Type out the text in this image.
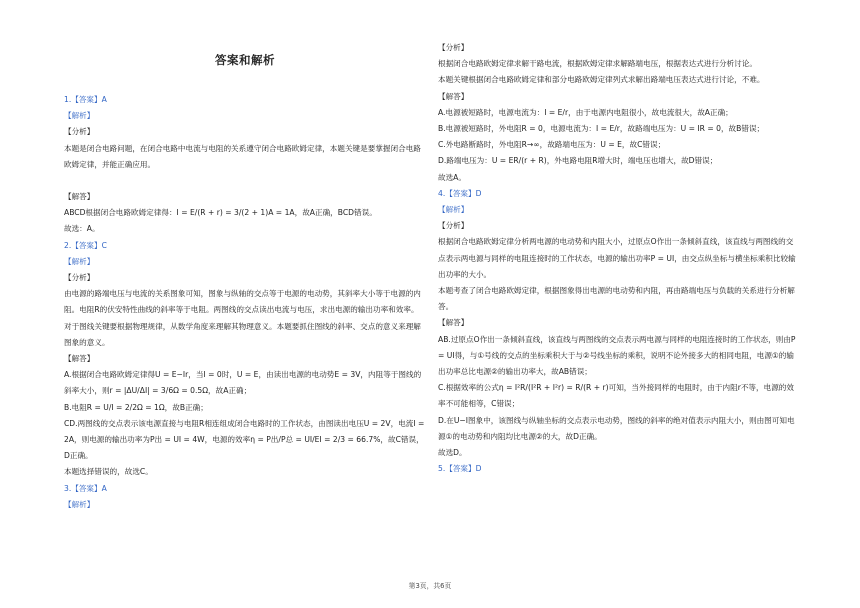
答案和解析

1.【答案】A

【解析】

【分析】

本题是闭合电路问题，在闭合电路中电流与电阻的关系遵守闭合电路欧姆定律，本题关键是要掌握闭合电路欧姆定律，并能正确应用。

【解答】

ABCD根据闭合电路欧姆定律得：I = E/(R + r) = 3/(2 + 1)A = 1A，故A正确，BCD错误。

故选：A。

2.【答案】C

【解析】

【分析】

由电源的路端电压与电流的关系图象可知，图象与纵轴的交点等于电源的电动势，其斜率大小等于电源的内阻。电阻R的伏安特性曲线的斜率等于电阻。两图线的交点读出电流与电压，求出电源的输出功率和效率。对于图线关键要根据物理规律，从数学角度来理解其物理意义。本题要抓住图线的斜率、交点的意义来理解图象的意义。

【解答】

A.根据闭合电路欧姆定律得U = E−Ir，当I = 0时，U = E，由读出电源的电动势E = 3V，内阻等于图线的斜率大小，则r = |ΔU/ΔI| = 3/6Ω = 0.5Ω，故A正确；

B.电阻R = U/I = 2/2Ω = 1Ω，故B正确；

CD.两图线的交点表示该电源直接与电阻R相连组成闭合电路时的工作状态，由图读出电压U = 2V，电流I = 2A，则电源的输出功率为P出 = UI = 4W，电源的效率η = P出/P总 = UI/EI = 2/3 = 66.7%，故C错误，D正确。

本题选择错误的，故选C。

3.【答案】A

【解析】

【分析】

根据闭合电路欧姆定律求解干路电流，根据欧姆定律求解路端电压，根据表达式进行分析讨论。

本题关键根据闭合电路欧姆定律和部分电路欧姆定律列式求解出路端电压表达式进行讨论，不难。

【解答】

A.电源被短路时，电源电流为：I = E/r，由于电源内电阻很小，故电流很大，故A正确；

B.电源被短路时，外电阻R = 0，电源电流为：I = E/r，故路端电压为：U = IR = 0，故B错误；

C.外电路断路时，外电阻R→∞，故路端电压为：U = E，故C错误；

D.路端电压为：U = ER/(r + R)，外电路电阻R增大时，端电压也增大，故D错误；

故选A。

4.【答案】D

【解析】

【分析】

根据闭合电路欧姆定律分析两电源的电动势和内阻大小，过原点O作出一条倾斜直线，该直线与两图线的交点表示两电源与同样的电阻连接时的工作状态，电源的输出功率P = UI，由交点纵坐标与横坐标乘积比较输出功率的大小。

本题考查了闭合电路欧姆定律，根据图象得出电源的电动势和内阻，再由路端电压与负载的关系进行分析解答。

【解答】

AB.过原点O作出一条倾斜直线，该直线与两图线的交点表示两电源与同样的电阻连接时的工作状态，则由P = UI得，与①号线的交点的坐标乘积大于与②号线坐标的乘积，说明不论外接多大的相同电阻，电源①的输出功率总比电源②的输出功率大，故AB错误；

C.根据效率的公式η = I²R/(I²R + I²r) = R/(R + r)可知，当外接同样的电阻时，由于内阻r不等，电源的效率不可能相等，C错误；

D.在U−I图象中，该图线与纵轴坐标的交点表示电动势，图线的斜率的绝对值表示内阻大小，则由图可知电源①的电动势和内阻均比电源②的大，故D正确。

故选D。

5.【答案】D

第3页，共6页
